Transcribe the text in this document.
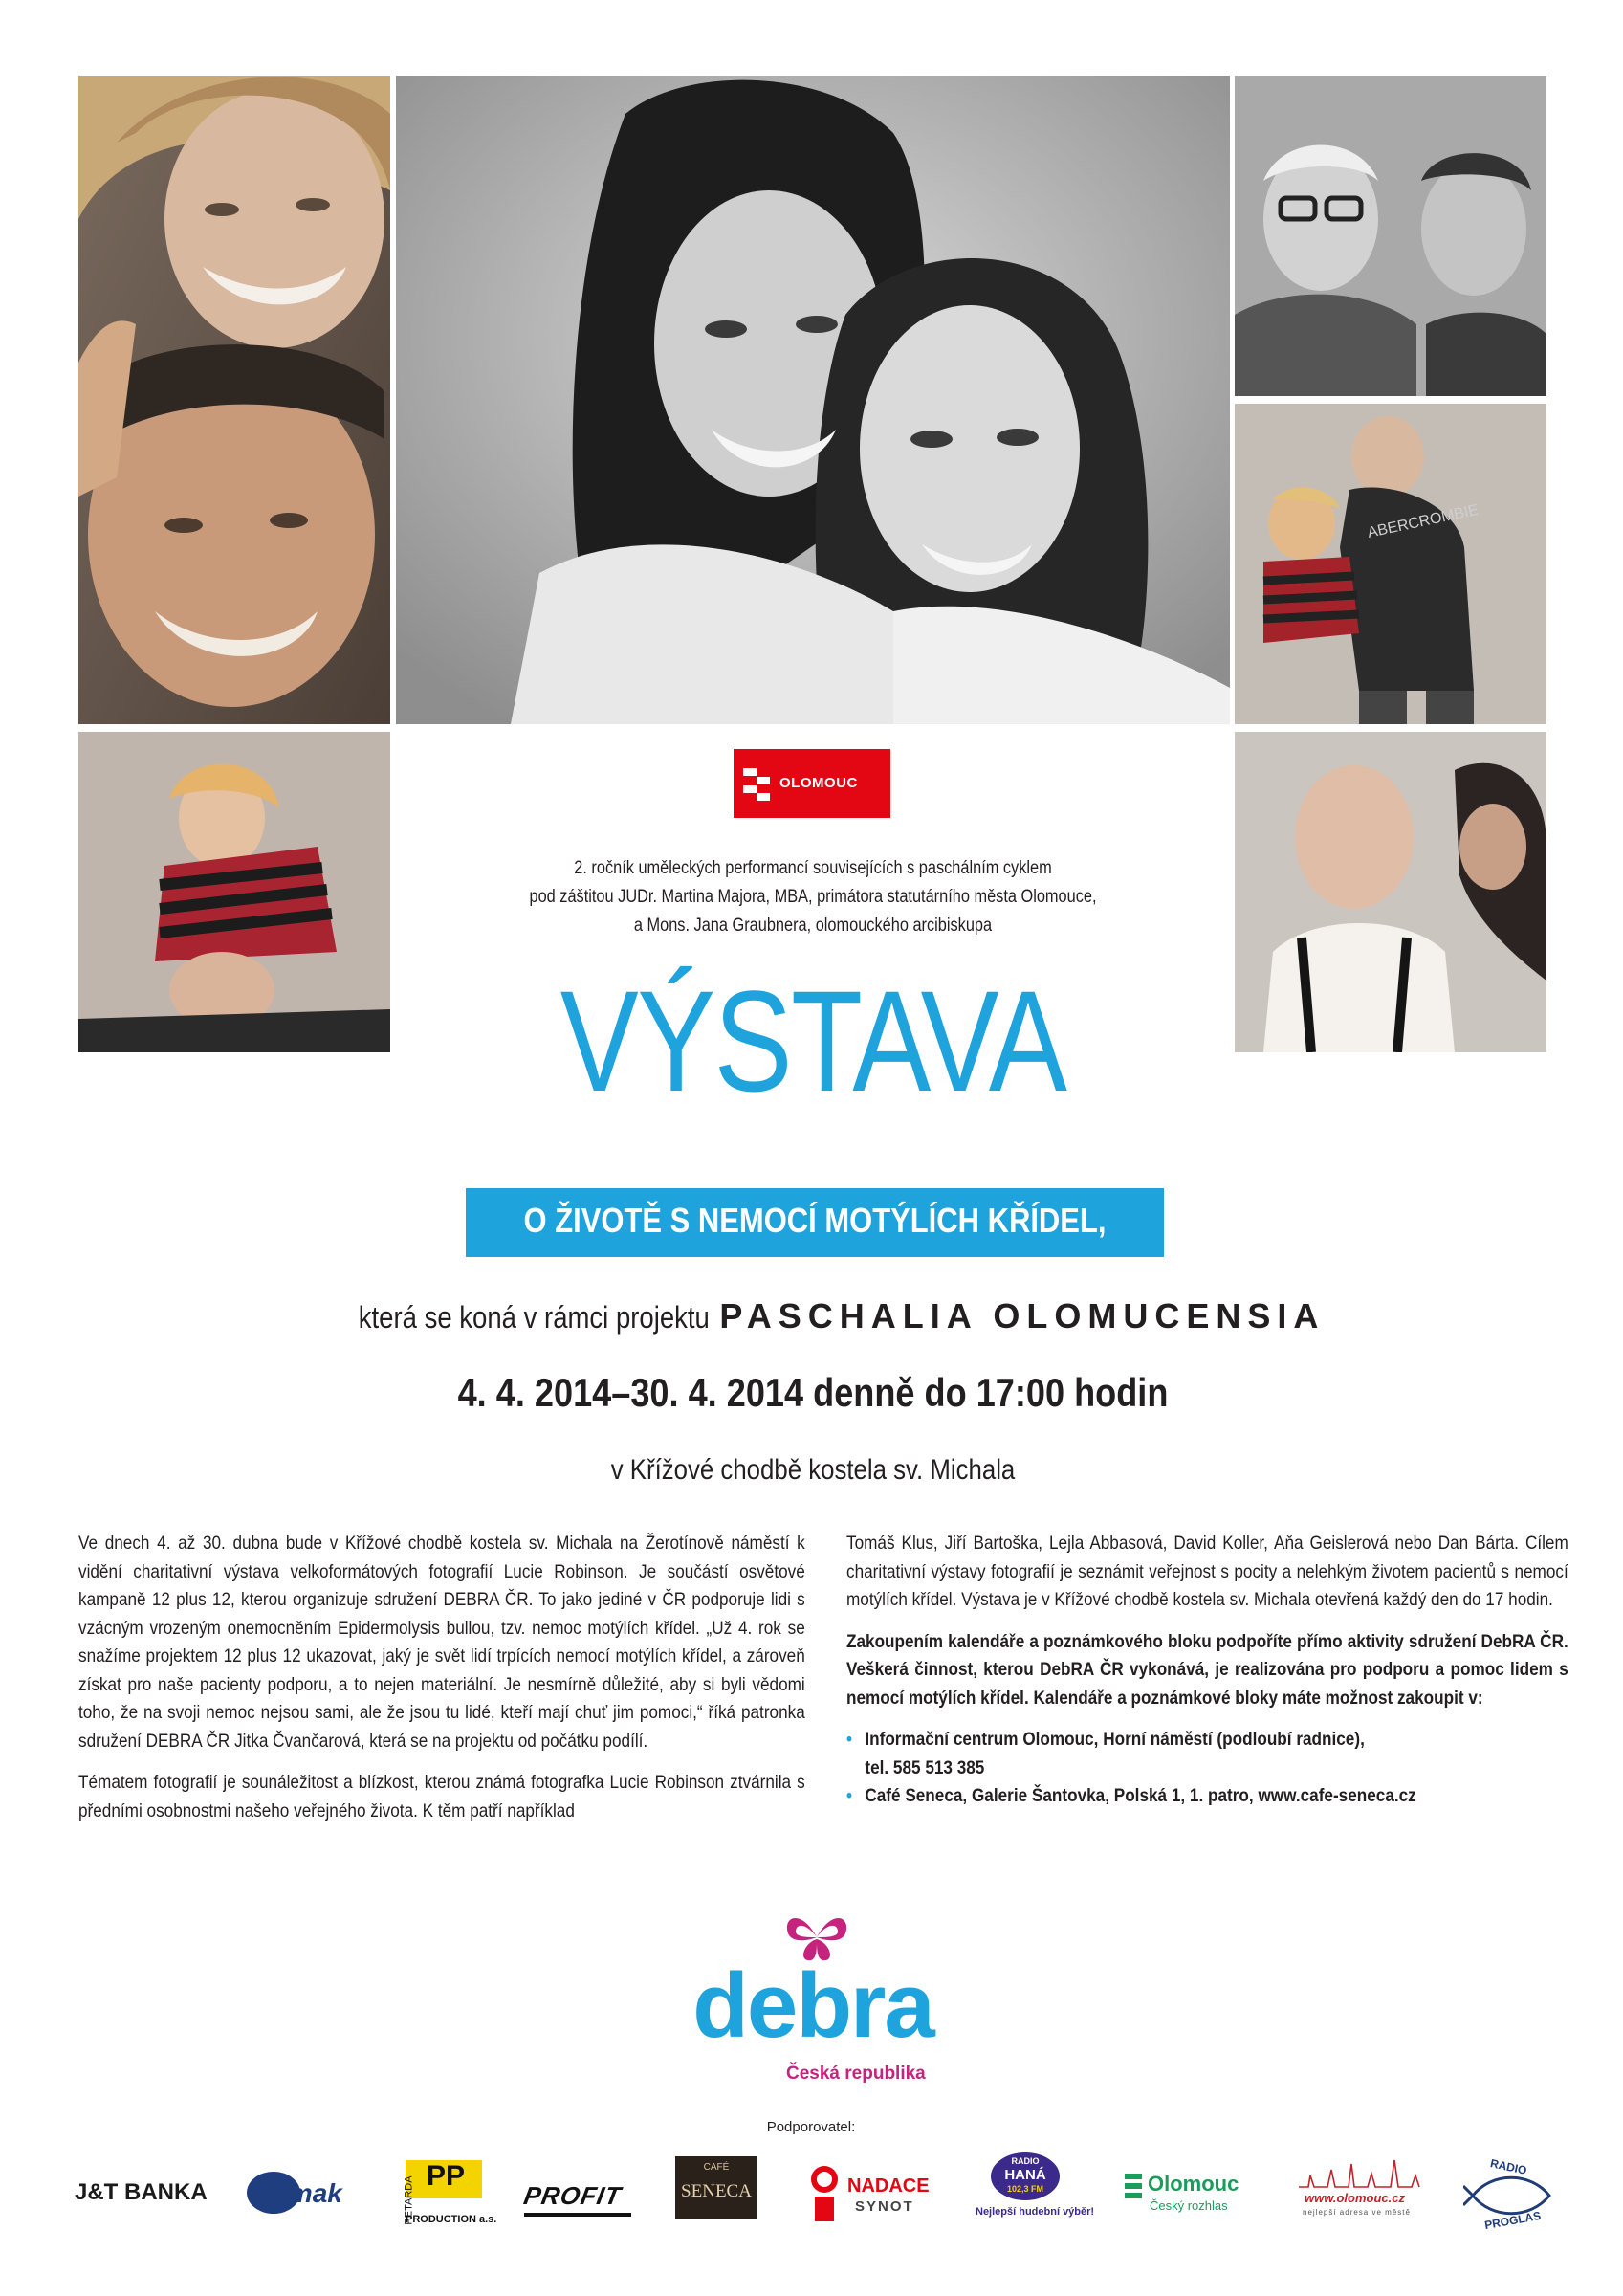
ABERCROMBIE
OLOMOUC
2. ročník uměleckých performancí souvisejících s paschálním cyklem
pod záštitou JUDr. Martina Majora, MBA, primátora statutárního města Olomouce,
a Mons. Jana Graubnera, olomouckého arcibiskupa
VÝSTAVA
O ŽIVOTĚ S NEMOCÍ MOTÝLÍCH KŘÍDEL,
která se koná v rámci projektu PASCHALIA OLOMUCENSIA
4. 4. 2014–30. 4. 2014 denně do 17:00 hodin
v Křížové chodbě kostela sv. Michala

Ve dnech 4. až 30. dubna bude v Křížové chodbě kostela sv. Michala na Žerotínově náměstí k vidění charitativní výstava velkoformátových fotografií Lucie Robinson. Je součástí osvětové kampaně 12 plus 12, kterou organizuje sdružení DEBRA ČR. To jako jediné v ČR podporuje lidi s vzácným vrozeným onemocněním Epidermolysis bullou, tzv. nemoc motýlích křídel. „Už 4. rok se snažíme projektem 12 plus 12 ukazovat, jaký je svět lidí trpících nemocí motýlích křídel, a zároveň získat pro naše pacienty podporu, a to nejen materiální. Je nesmírně důležité, aby si byli vědomi toho, že na svoji nemoc nejsou sami, ale že jsou tu lidé, kteří mají chuť jim pomoci,“ říká patronka sdružení DEBRA ČR Jitka Čvančarová, která se na projektu od počátku podílí.

Tématem fotografií je sounáležitost a blízkost, kterou známá fotografka Lucie Robinson ztvárnila s předními osobnostmi našeho veřejného života. K těm patří například

Tomáš Klus, Jiří Bartoška, Lejla Abbasová, David Koller, Aňa Geislerová nebo Dan Bárta. Cílem charitativní výstavy fotografií je seznámit veřejnost s pocity a nelehkým životem pacientů s nemocí motýlích křídel. Výstava je v Křížové chodbě kostela sv. Michala otevřená každý den do 17 hodin.

Zakoupením kalendáře a poznámkového bloku podpoříte přímo aktivity sdružení DebRA ČR. Veškerá činnost, kterou DebRA ČR vykonává, je realizována pro podporu a pomoc lidem s nemocí motýlích křídel. Kalendáře a poznámkové bloky máte možnost zakoupit v:

• Informační centrum Olomouc, Horní náměstí (podloubí radnice),
tel. 585 513 385
• Café Seneca, Galerie Šantovka, Polská 1, 1. patro, www.cafe-seneca.cz
debra
Česká republika
Podporovatel:
J&T BANKA farmak
PP
PETARDA
PRODUCTION a.s.
PROFIT
CAFÉ
SENECA	NADACE
SYNOT
RADIO
HANÁ
102,3 FM
Nejlepší hudební výběr!
Olomouc
Český rozhlas
www.olomouc.cz
nejlepší adresa ve městě
RADIO
PROGLAS
